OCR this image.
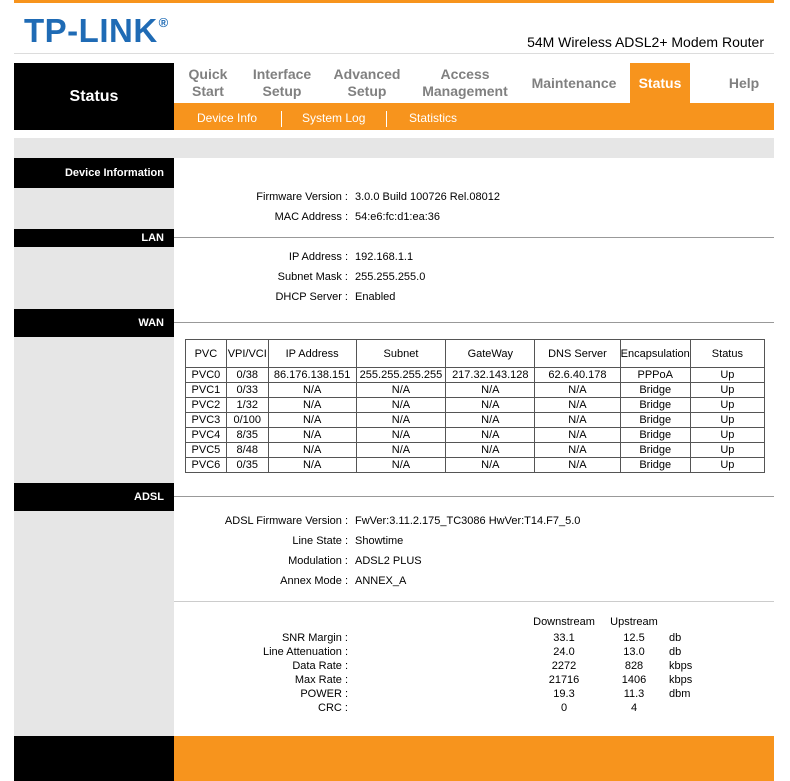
TP-LINK®
54M Wireless ADSL2+ Modem Router
Status
Quick
Start
Interface
Setup
Advanced
Setup
Access
Management
Maintenance	Status	Help
Device Info	System Log	Statistics
Device Information
Firmware Version : 3.0.0 Build 100726 Rel.08012
MAC Address : 54:e6:fc:d1:ea:36
LAN
IP Address : 192.168.1.1
Subnet Mask : 255.255.255.0
DHCP Server : Enabled
WAN
PVC	VPI/VCI	IP Address	Subnet	GateWay	DNS Server	Encapsulation	Status
PVC0	0/38	86.176.138.151	255.255.255.255	217.32.143.128	62.6.40.178	PPPoA	Up
PVC1	0/33	N/A	N/A	N/A	N/A	Bridge	Up
PVC2	1/32	N/A	N/A	N/A	N/A	Bridge	Up
PVC3	0/100	N/A	N/A	N/A	N/A	Bridge	Up
PVC4	8/35	N/A	N/A	N/A	N/A	Bridge	Up
PVC5	8/48	N/A	N/A	N/A	N/A	Bridge	Up
PVC6	0/35	N/A	N/A	N/A	N/A	Bridge	Up
ADSL
ADSL Firmware Version : FwVer:3.11.2.175_TC3086 HwVer:T14.F7_5.0
Line State : Showtime
Modulation : ADSL2 PLUS
Annex Mode : ANNEX_A
Downstream Upstream
SNR Margin :	33.1	12.5 db
Line Attenuation :	24.0	13.0 db
Data Rate :	2272	828 kbps
Max Rate :	21716	1406 kbps
POWER :	19.3	11.3 dbm
CRC :	0	4
